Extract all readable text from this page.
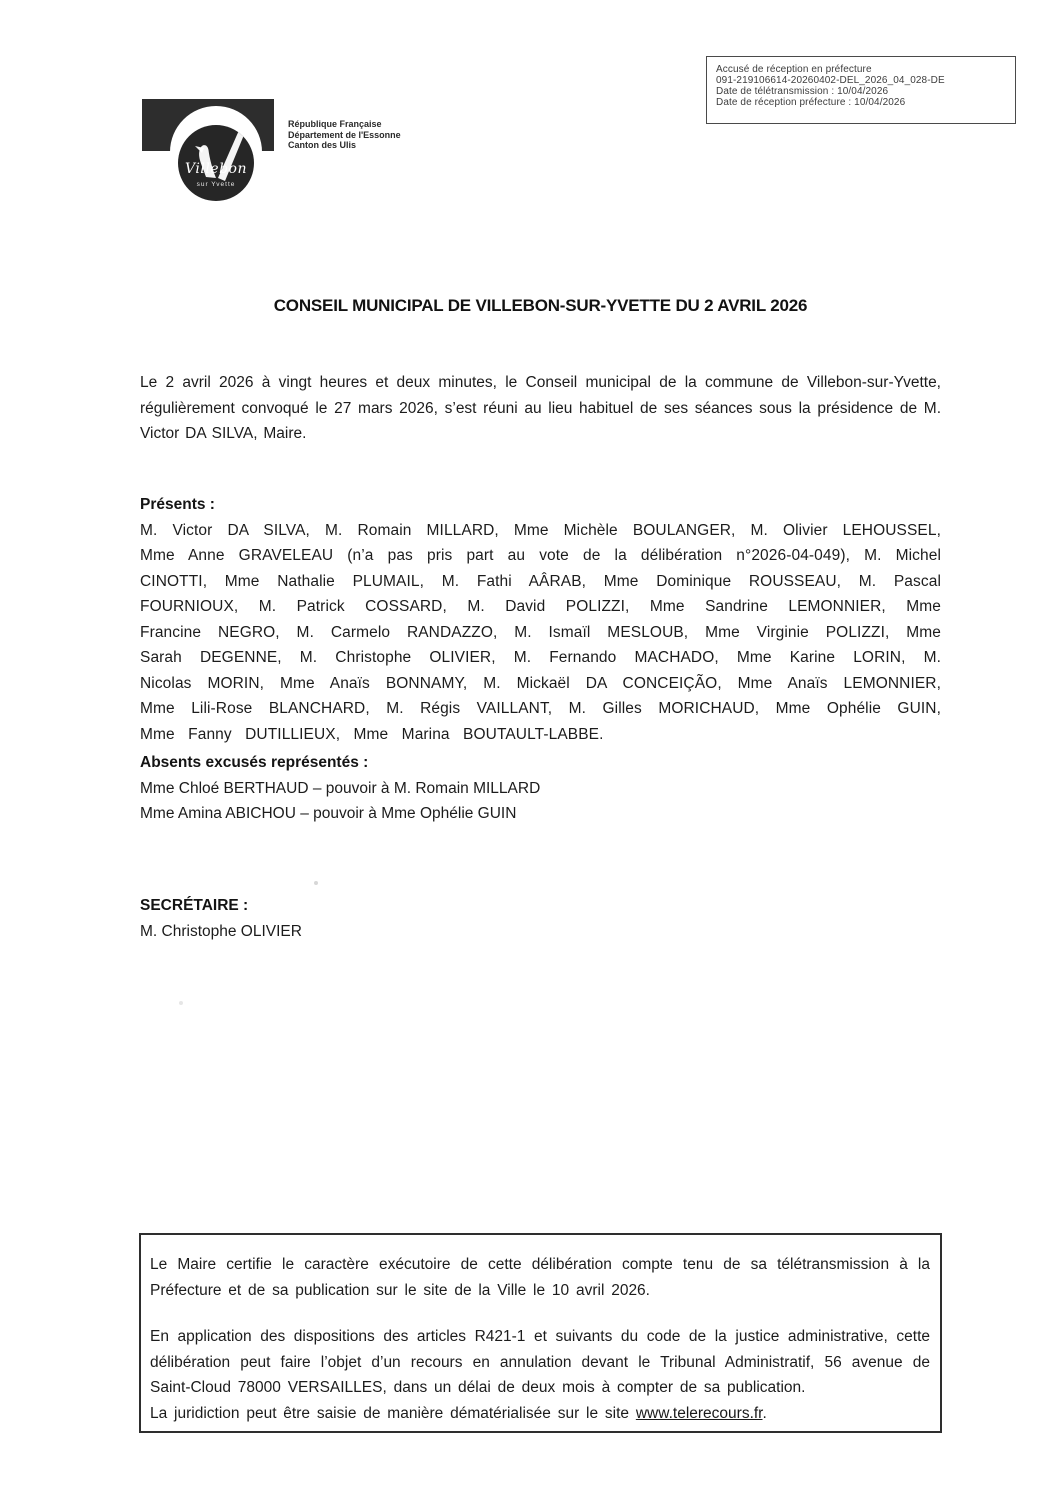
Accusé de réception en préfecture
091-219106614-20260402-DEL_2026_04_028-DE
Date de télétransmission : 10/04/2026
Date de réception préfecture : 10/04/2026
Villebon
sur Yvette
République Française
Département de l'Essonne
Canton des Ulis
CONSEIL MUNICIPAL DE VILLEBON-SUR-YVETTE DU 2 AVRIL 2026

Le 2 avril 2026 à vingt heures et deux minutes, le Conseil municipal de la commune de Villebon-sur-Yvette, régulièrement convoqué le 27 mars 2026, s’est réuni au lieu habituel de ses séances sous la présidence de M. Victor DA SILVA, Maire.

Présents :

M. Victor DA SILVA, M. Romain MILLARD, Mme Michèle BOULANGER, M. Olivier LEHOUSSEL, Mme Anne GRAVELEAU (n’a pas pris part au vote de la délibération n°2026-04-049), M. Michel CINOTTI, Mme Nathalie PLUMAIL, M. Fathi AÂRAB, Mme Dominique ROUSSEAU, M. Pascal FOURNIOUX, M. Patrick COSSARD, M. David POLIZZI, Mme Sandrine LEMONNIER, Mme Francine NEGRO, M. Carmelo RANDAZZO, M. Ismaïl MESLOUB, Mme Virginie POLIZZI, Mme Sarah DEGENNE, M. Christophe OLIVIER, M. Fernando MACHADO, Mme Karine LORIN, M. Nicolas MORIN, Mme Anaïs BONNAMY, M. Mickaël DA CONCEIÇÃO, Mme Anaïs LEMONNIER, Mme Lili-Rose BLANCHARD, M. Régis VAILLANT, M. Gilles MORICHAUD, Mme Ophélie GUIN, Mme Fanny DUTILLIEUX, Mme Marina BOUTAULT-LABBE.

Absents excusés représentés :

Mme Chloé BERTHAUD – pouvoir à M. Romain MILLARD

Mme Amina ABICHOU – pouvoir à Mme Ophélie GUIN

SECRÉTAIRE :

M. Christophe OLIVIER

Le Maire certifie le caractère exécutoire de cette délibération compte tenu de sa télétransmission à la Préfecture et de sa publication sur le site de la Ville le 10 avril 2026.

En application des dispositions des articles R421-1 et suivants du code de la justice administrative, cette délibération peut faire l’objet d’un recours en annulation devant le Tribunal Administratif, 56 avenue de Saint-Cloud 78000 VERSAILLES, dans un délai de deux mois à compter de sa publication.

La juridiction peut être saisie de manière dématérialisée sur le site www.telerecours.fr.
